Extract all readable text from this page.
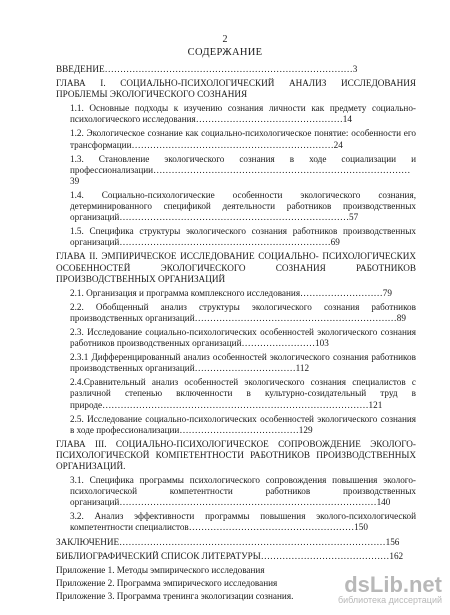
2
СОДЕРЖАНИЕ
ВВЕДЕНИЕ………………………………………………………………………3
ГЛАВА I. СОЦИАЛЬНО-ПСИХОЛОГИЧЕСКИЙ АНАЛИЗ ИССЛЕДОВАНИЯ ПРОБЛЕМЫ ЭКОЛОГИЧЕСКОГО СОЗНАНИЯ
1.1. Основные подходы к изучению сознания личности как предмету социально-психологического исследования…………………………………………14
1.2. Экологическое сознание как социально-психологическое понятие: особенности его трансформации…………………………………………………………24
1.3. Становление экологического сознания в ходе социализации и профессионализации…………………………………………………………………………39
1.4. Социально-психологические особенности экологического сознания, детерминированного спецификой деятельности работников производственных организаций…………………………………………………………………57
1.5. Специфика структуры экологического сознания работников производственных организаций……………………………………………………………69
ГЛАВА II. ЭМПИРИЧЕСКОЕ ИССЛЕДОВАНИЕ СОЦИАЛЬНО- ПСИХОЛОГИЧЕСКИХ ОСОБЕННОСТЕЙ ЭКОЛОГИЧЕСКОГО СОЗНАНИЯ РАБОТНИКОВ ПРОИЗВОДСТВЕННЫХ ОРГАНИЗАЦИЙ
2.1. Организация и программа комплексного исследования………………………79
2.2. Обобщенный анализ структуры экологического сознания работников производственных организаций…………………………………………………………89
2.3. Исследование социально-психологических особенностей экологического сознания работников производственных организаций……………………103
2.3.1 Дифференцированный анализ особенностей экологического сознания работников производственных организаций……………………………112
2.4.Сравнительный анализ особенностей экологического сознания специалистов с различной степенью включенности в культурно-созидательный труд в природе……………………………………………………………………………121
2.5. Исследование социально-психологических особенностей экологического сознания в ходе профессионализации…………………………………129
ГЛАВА III. СОЦИАЛЬНО-ПСИХОЛОГИЧЕСКОЕ СОПРОВОЖДЕНИЕ ЭКОЛОГО-ПСИХОЛОГИЧЕСКОЙ КОМПЕТЕНТНОСТИ РАБОТНИКОВ ПРОИЗВОДСТВЕННЫХ ОРГАНИЗАЦИЙ.
3.1. Специфика программы психологического сопровождения повышения эколого-психологической компетентности работников производственных организаций…………………………………………………………………………140
3.2. Анализ эффективности программы повышения эколого-психологической компетентности специалистов………………………………………………150
ЗАКЛЮЧЕНИЕ……………………………………………………………………………156
БИБЛИОГРАФИЧЕСКИЙ СПИСОК ЛИТЕРАТУРЫ……………………………………162
Приложение 1. Методы эмпирического исследования
Приложение 2. Программа эмпирического исследования
Приложение 3. Программа тренинга экологизации сознания.	dsLib.net
библиотека диссертаций
